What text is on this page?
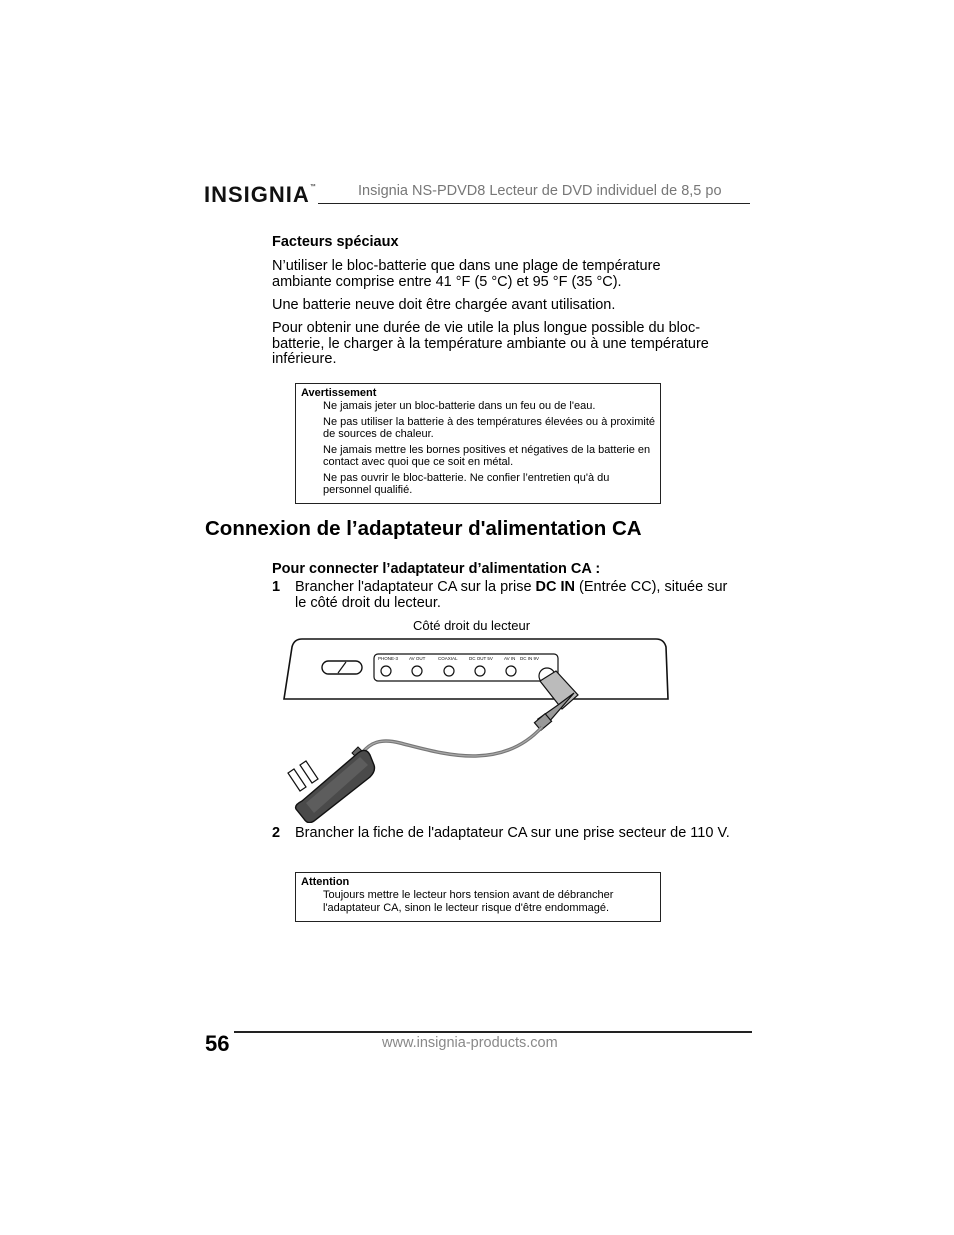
INSIGNIA™	Insignia NS-PDVD8 Lecteur de DVD individuel de 8,5 po
Facteurs spéciaux
N’utiliser le bloc-batterie que dans une plage de température ambiante comprise entre 41 °F (5 °C) et 95 °F (35 °C).
Une batterie neuve doit être chargée avant utilisation.
Pour obtenir une durée de vie utile la plus longue possible du bloc-batterie, le charger à la température ambiante ou à une température inférieure.
Avertissement
Ne jamais jeter un bloc-batterie dans un feu ou de l'eau.
Ne pas utiliser la batterie à des températures élevées ou à proximité de sources de chaleur.
Ne jamais mettre les bornes positives et négatives de la batterie en contact avec quoi que ce soit en métal.
Ne pas ouvrir le bloc-batterie. Ne confier l’entretien qu'à du personnel qualifié.
Connexion de l’adaptateur d'alimentation CA
Pour connecter l’adaptateur d’alimentation CA :
1 Brancher l'adaptateur CA sur la prise DC IN (Entrée CC), située sur le côté droit du lecteur.
Côté droit du lecteur
PHONE-3 AV OUT	COAXIAL	DC OUT 5V AV IN DC IN 9V
2 Brancher la fiche de l'adaptateur CA sur une prise secteur de 110 V.
Attention
Toujours mettre le lecteur hors tension avant de débrancher l'adaptateur CA, sinon le lecteur risque d'être endommagé.
56	www.insignia-products.com
